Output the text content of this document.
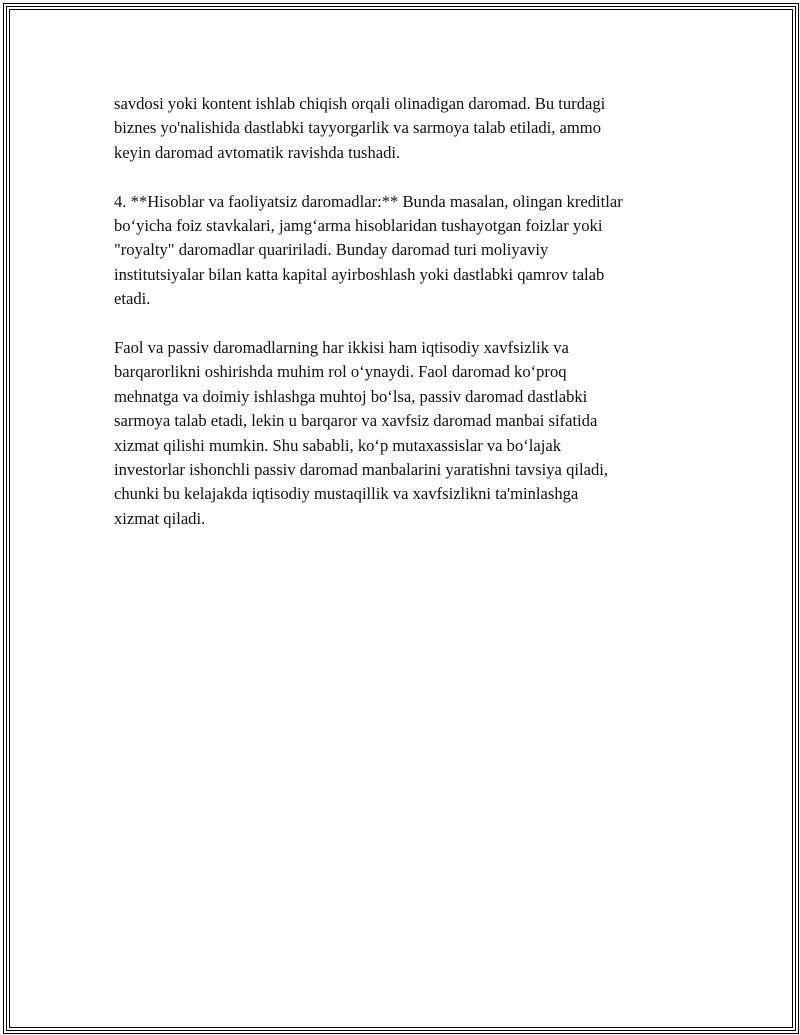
savdosi yoki kontent ishlab chiqish orqali olinadigan daromad. Bu turdagi
biznes yo'nalishida dastlabki tayyorgarlik va sarmoya talab etiladi, ammo
keyin daromad avtomatik ravishda tushadi.

4. **Hisoblar va faoliyatsiz daromadlar:** Bunda masalan, olingan kreditlar
bo‘yicha foiz stavkalari, jamg‘arma hisoblaridan tushayotgan foizlar yoki
"royalty" daromadlar quaririladi. Bunday daromad turi moliyaviy
institutsiyalar bilan katta kapital ayirboshlash yoki dastlabki qamrov talab
etadi.

Faol va passiv daromadlarning har ikkisi ham iqtisodiy xavfsizlik va
barqarorlikni oshirishda muhim rol o‘ynaydi. Faol daromad ko‘proq
mehnatga va doimiy ishlashga muhtoj bo‘lsa, passiv daromad dastlabki
sarmoya talab etadi, lekin u barqaror va xavfsiz daromad manbai sifatida
xizmat qilishi mumkin. Shu sababli, ko‘p mutaxassislar va bo‘lajak
investorlar ishonchli passiv daromad manbalarini yaratishni tavsiya qiladi,
chunki bu kelajakda iqtisodiy mustaqillik va xavfsizlikni ta'minlashga
xizmat qiladi.
